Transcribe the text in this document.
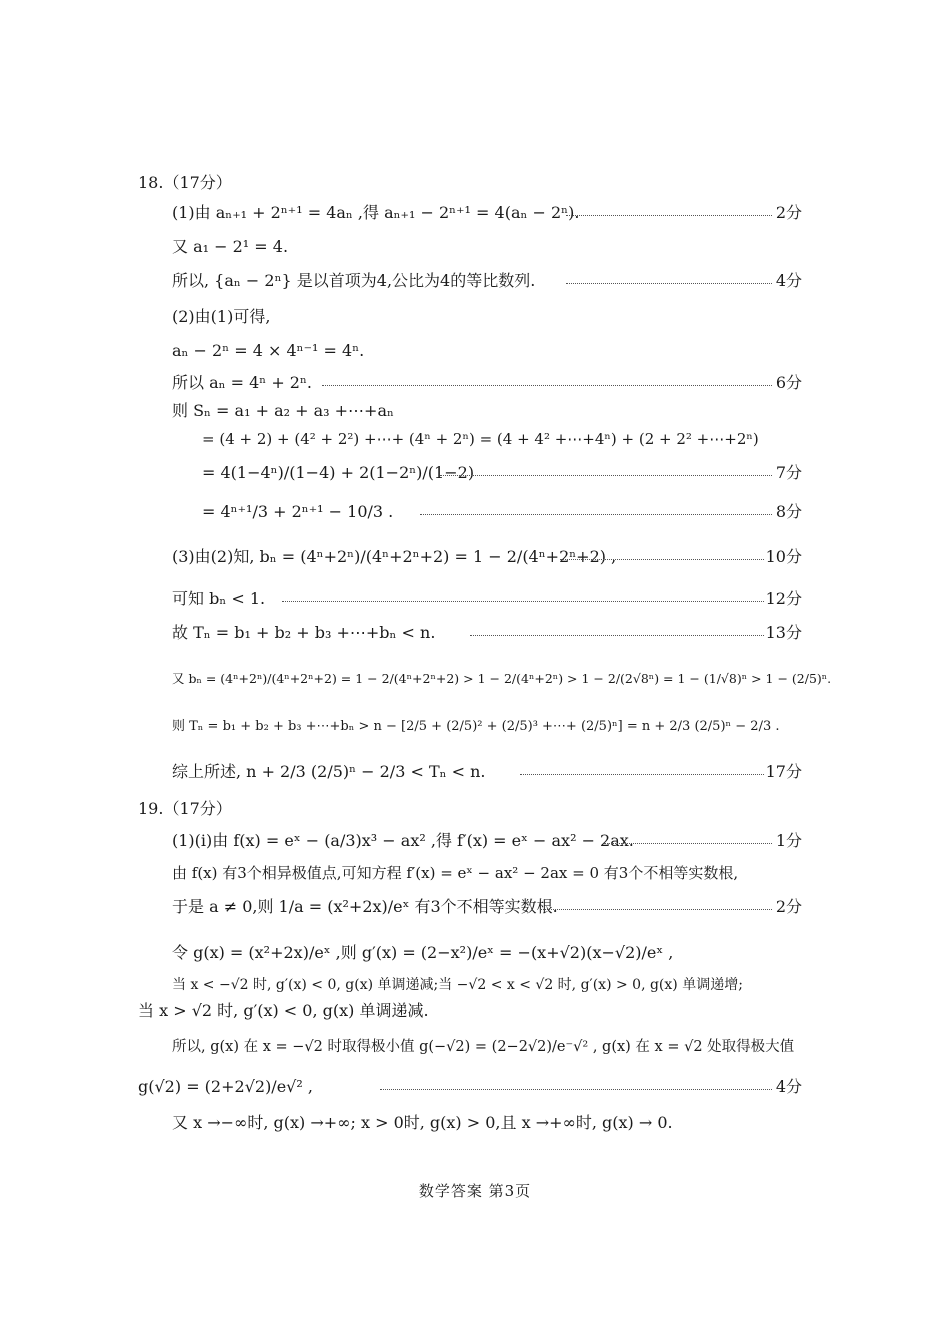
18.（17分）
(1)由 aₙ₊₁ + 2ⁿ⁺¹ = 4aₙ ,得 aₙ₊₁ − 2ⁿ⁺¹ = 4(aₙ − 2ⁿ).	2分
又 a₁ − 2¹ = 4.
所以, {aₙ − 2ⁿ} 是以首项为4,公比为4的等比数列.	4分
(2)由(1)可得,
aₙ − 2ⁿ = 4 × 4ⁿ⁻¹ = 4ⁿ.
所以 aₙ = 4ⁿ + 2ⁿ.	6分
则 Sₙ = a₁ + a₂ + a₃ +⋯+aₙ
= (4 + 2) + (4² + 2²) +⋯+ (4ⁿ + 2ⁿ) = (4 + 4² +⋯+4ⁿ) + (2 + 2² +⋯+2ⁿ)
= 4(1−4ⁿ)/(1−4) + 2(1−2ⁿ)/(1−2)	7分
= 4ⁿ⁺¹/3 + 2ⁿ⁺¹ − 10/3 .	8分
(3)由(2)知, bₙ = (4ⁿ+2ⁿ)/(4ⁿ+2ⁿ+2) = 1 − 2/(4ⁿ+2ⁿ+2) ,	10分
可知 bₙ < 1.	12分
故 Tₙ = b₁ + b₂ + b₃ +⋯+bₙ < n.	13分
又 bₙ = (4ⁿ+2ⁿ)/(4ⁿ+2ⁿ+2) = 1 − 2/(4ⁿ+2ⁿ+2) > 1 − 2/(4ⁿ+2ⁿ) > 1 − 2/(2√8ⁿ) = 1 − (1/√8)ⁿ > 1 − (2/5)ⁿ.
则 Tₙ = b₁ + b₂ + b₃ +⋯+bₙ > n − [2/5 + (2/5)² + (2/5)³ +⋯+ (2/5)ⁿ] = n + 2/3 (2/5)ⁿ − 2/3 .
综上所述, n + 2/3 (2/5)ⁿ − 2/3 < Tₙ < n.	17分
19.（17分）
(1)(ⅰ)由 f(x) = eˣ − (a/3)x³ − ax² ,得 f′(x) = eˣ − ax² − 2ax.	1分
由 f(x) 有3个相异极值点,可知方程 f′(x) = eˣ − ax² − 2ax = 0 有3个不相等实数根,
于是 a ≠ 0,则 1/a = (x²+2x)/eˣ 有3个不相等实数根.	2分
令 g(x) = (x²+2x)/eˣ ,则 g′(x) = (2−x²)/eˣ = −(x+√2)(x−√2)/eˣ ,
当 x < −√2 时, g′(x) < 0, g(x) 单调递减;当 −√2 < x < √2 时, g′(x) > 0, g(x) 单调递增;
当 x > √2 时, g′(x) < 0, g(x) 单调递减.
所以, g(x) 在 x = −√2 时取得极小值 g(−√2) = (2−2√2)/e⁻√² , g(x) 在 x = √2 处取得极大值
g(√2) = (2+2√2)/e√² ,	4分
又 x →−∞时, g(x) →+∞; x > 0时, g(x) > 0,且 x →+∞时, g(x) → 0.
数学答案 第3页
